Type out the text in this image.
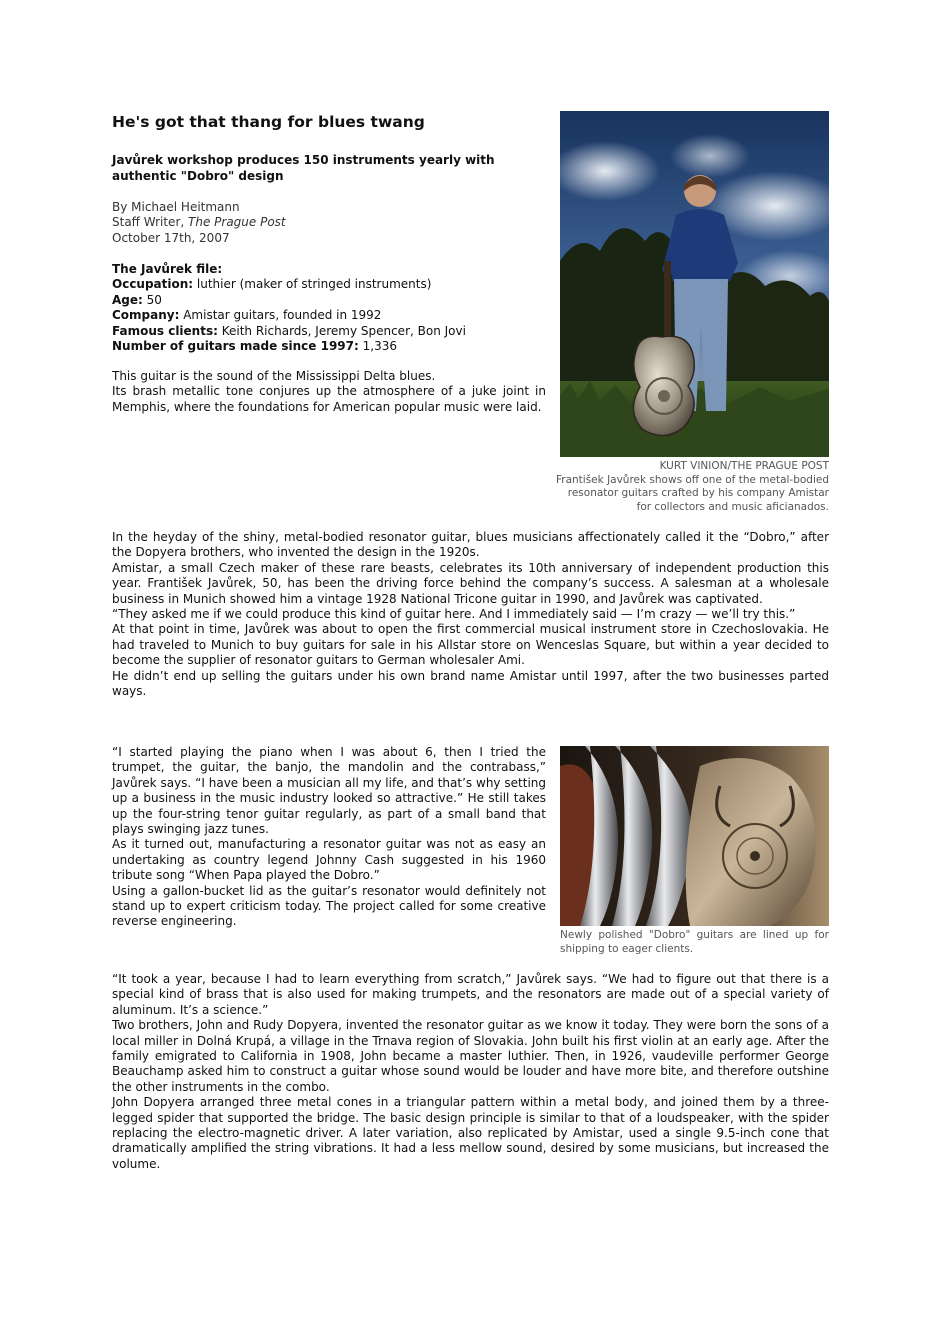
He's got that thang for blues twang
Javůrek workshop produces 150 instruments yearly with authentic "Dobro" design
By Michael Heitmann
Staff Writer, The Prague Post
October 17th, 2007
The Javůrek file:
Occupation: luthier (maker of stringed instruments)
Age: 50
Company: Amistar guitars, founded in 1992
Famous clients: Keith Richards, Jeremy Spencer, Bon Jovi
Number of guitars made since 1997: 1,336

This guitar is the sound of the Mississippi Delta blues.

Its brash metallic tone conjures up the atmosphere of a juke joint in Memphis, where the foundations for American popular music were laid.

KURT VINION/THE PRAGUE POST
František Javůrek shows off one of the metal-bodied resonator guitars crafted by his company Amistar for collectors and music aficianados.

In the heyday of the shiny, metal-bodied resonator guitar, blues musicians affectionately called it the “Dobro,” after the Dopyera brothers, who invented the design in the 1920s.

Amistar, a small Czech maker of these rare beasts, celebrates its 10th anniversary of independent production this year. František Javůrek, 50, has been the driving force behind the company’s success. A salesman at a wholesale business in Munich showed him a vintage 1928 National Tricone guitar in 1990, and Javůrek was captivated.

“They asked me if we could produce this kind of guitar here. And I immediately said — I’m crazy — we’ll try this.”

At that point in time, Javůrek was about to open the first commercial musical instrument store in Czechoslovakia. He had traveled to Munich to buy guitars for sale in his Allstar store on Wenceslas Square, but within a year decided to become the supplier of resonator guitars to German wholesaler Ami.

He didn’t end up selling the guitars under his own brand name Amistar until 1997, after the two businesses parted ways.

“I started playing the piano when I was about 6, then I tried the trumpet, the guitar, the banjo, the mandolin and the contrabass,” Javůrek says. “I have been a musician all my life, and that’s why setting up a business in the music industry looked so attractive.” He still takes up the four-string tenor guitar regularly, as part of a small band that plays swinging jazz tunes.

As it turned out, manufacturing a resonator guitar was not as easy an undertaking as country legend Johnny Cash suggested in his 1960 tribute song “When Papa played the Dobro.”

Using a gallon-bucket lid as the guitar’s resonator would definitely not stand up to expert criticism today. The project called for some creative reverse engineering.

Newly polished "Dobro" guitars are lined up for shipping to eager clients.

“It took a year, because I had to learn everything from scratch,” Javůrek says. “We had to figure out that there is a special kind of brass that is also used for making trumpets, and the resonators are made out of a special variety of aluminum. It’s a science.”

Two brothers, John and Rudy Dopyera, invented the resonator guitar as we know it today. They were born the sons of a local miller in Dolná Krupá, a village in the Trnava region of Slovakia. John built his first violin at an early age. After the family emigrated to California in 1908, John became a master luthier. Then, in 1926, vaudeville performer George Beauchamp asked him to construct a guitar whose sound would be louder and have more bite, and therefore outshine the other instruments in the combo.

John Dopyera arranged three metal cones in a triangular pattern within a metal body, and joined them by a three-legged spider that supported the bridge. The basic design principle is similar to that of a loudspeaker, with the spider replacing the electro-magnetic driver. A later variation, also replicated by Amistar, used a single 9.5-inch cone that dramatically amplified the string vibrations. It had a less mellow sound, desired by some musicians, but increased the volume.
